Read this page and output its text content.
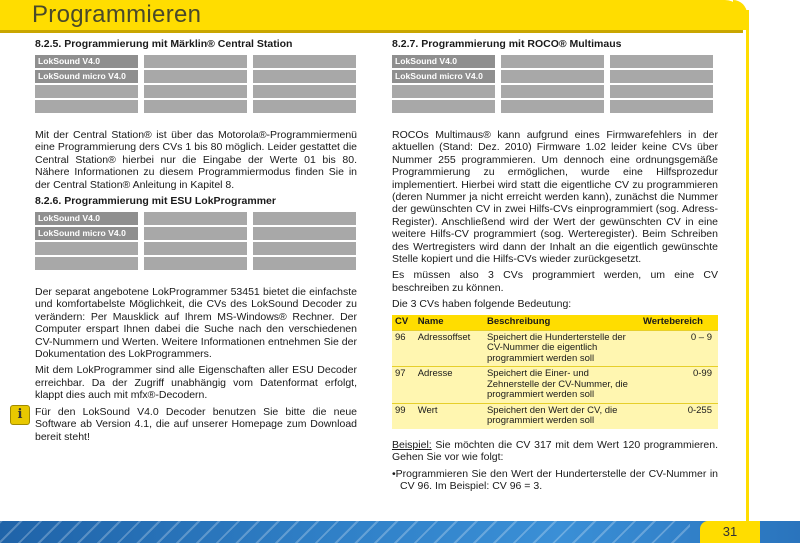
Programmieren
8.2.5. Programmierung mit Märklin® Central Station
LokSound V4.0
LokSound micro V4.0

Mit der Central Station® ist über das Motorola®-Programmiermenü eine Programmierung ders CVs 1 bis 80 möglich. Leider gestattet die Central Station® hierbei nur die Eingabe der Werte 01 bis 80. Nähere Informationen zu diesem Programmiermodus finden Sie in der Central Station® Anleitung in Kapitel 8.

8.2.6. Programmierung mit ESU LokProgrammer
LokSound V4.0
LokSound micro V4.0

Der separat angebotene LokProgrammer 53451 bietet die einfachste und komfortabelste Möglichkeit, die CVs des LokSound Decoder zu verändern: Per Mausklick auf Ihrem MS-Windows® Rechner. Der Computer erspart Ihnen dabei die Suche nach den verschiedenen CV-Nummern und Werten. Weitere Informationen entnehmen Sie der Dokumentation des LokProgrammers.

Mit dem LokProgrammer sind alle Eigenschaften aller ESU Decoder erreichbar. Da der Zugriff unabhängig vom Datenformat erfolgt, klappt dies auch mit mfx®-Decodern.

Für den LokSound V4.0 Decoder benutzen Sie bitte die neue Software ab Version 4.1, die auf unserer Homepage zum Download bereit steht!

i
8.2.7. Programmierung mit ROCO® Multimaus
LokSound V4.0
LokSound micro V4.0

ROCOs Multimaus® kann aufgrund eines Firmwarefehlers in der aktuellen (Stand: Dez. 2010) Firmware 1.02 leider keine CVs über Nummer 255 programmieren. Um dennoch eine ordnungsgemäße Programmierung zu ermöglichen, wurde eine Hilfsprozedur implementiert. Hierbei wird statt die eigentliche CV zu programmieren (deren Nummer ja nicht erreicht werden kann), zunächst die Nummer der gewünschten CV in zwei Hilfs-CVs einprogrammiert (sog. Adress-Register). Anschließend wird der Wert der gewünschten CV in eine weitere Hilfs-CV programmiert (sog. Werteregister). Beim Schreiben des Wertregisters wird dann der Inhalt an die eigentlich gewünschte Stelle kopiert und die Hilfs-CVs wieder zurückgesetzt.

Es müssen also 3 CVs programmiert werden, um eine CV beschreiben zu können.

Die 3 CVs haben folgende Bedeutung:

CV	Name	Beschreibung	Wertebereich
96	Adressoffset	Speichert die Hunderterstelle der CV-Nummer die eigentlich programmiert werden soll	0 – 9
97	Adresse	Speichert die Einer- und Zehnerstelle der CV-Nummer, die programmiert werden soll	0-99
99	Wert	Speichert den Wert der CV, die programmiert werden soll	0-255

Beispiel: Sie möchten die CV 317 mit dem Wert 120 programmieren. Gehen Sie vor wie folgt:

•Programmieren Sie den Wert der Hunderterstelle der CV-Nummer in CV 96. Im Beispiel: CV 96 = 3.

31
